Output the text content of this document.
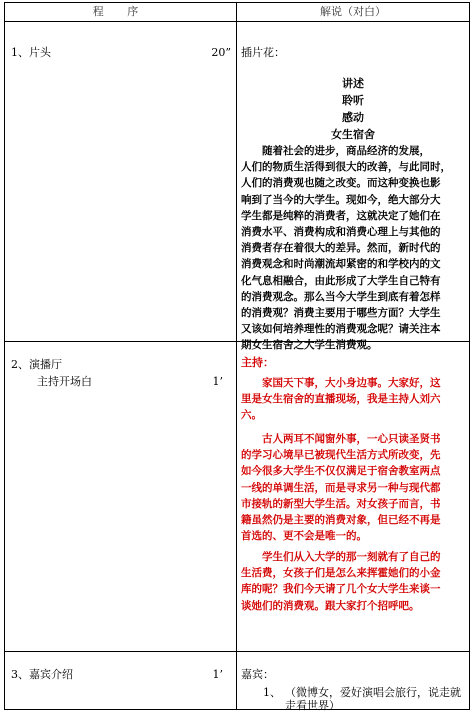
程 序	解说（对白）
1、片头	20” 插片花：
讲述
聆听
感动
女生宿舍
　　随着社会的进步，商品经济的发展，
人们的物质生活得到很大的改善，与此同时，
人们的消费观也随之改变。而这种变换也影
响到了当今的大学生。现如今，绝大部分大
学生都是纯粹的消费者，这就决定了她们在
消费水平、消费构成和消费心理上与其他的
消费者存在着很大的差异。然而，新时代的
消费观念和时尚潮流却紧密的和学校内的文
化气息相融合，由此形成了大学生自己特有
的消费观念。那么当今大学生到底有着怎样
的消费观？消费主要用于哪些方面？大学生
又该如何培养理性的消费观念呢？请关注本
期女生宿舍之大学生消费观。
2、演播厅
主持开场白	1’
主持：
　　家国天下事，大小身边事。大家好，这
里是女生宿舍的直播现场，我是主持人刘六
六。
　　古人两耳不闻窗外事，一心只读圣贤书
的学习心境早已被现代生活方式所改变，先
如今很多大学生不仅仅满足于宿舍教室两点
一线的单调生活，而是寻求另一种与现代都
市接轨的新型大学生活。对女孩子而言，书
籍虽然仍是主要的消费对象，但已经不再是
首选的、更不会是唯一的。
　　学生们从入大学的那一刻就有了自己的
生活费，女孩子们是怎么来挥霍她们的小金
库的呢？我们今天请了几个女大学生来谈一
谈她们的消费观。跟大家打个招呼吧。
3、嘉宾介绍	1’ 嘉宾：
1、 （微博女，爱好演唱会旅行，说走就
走看世界）
